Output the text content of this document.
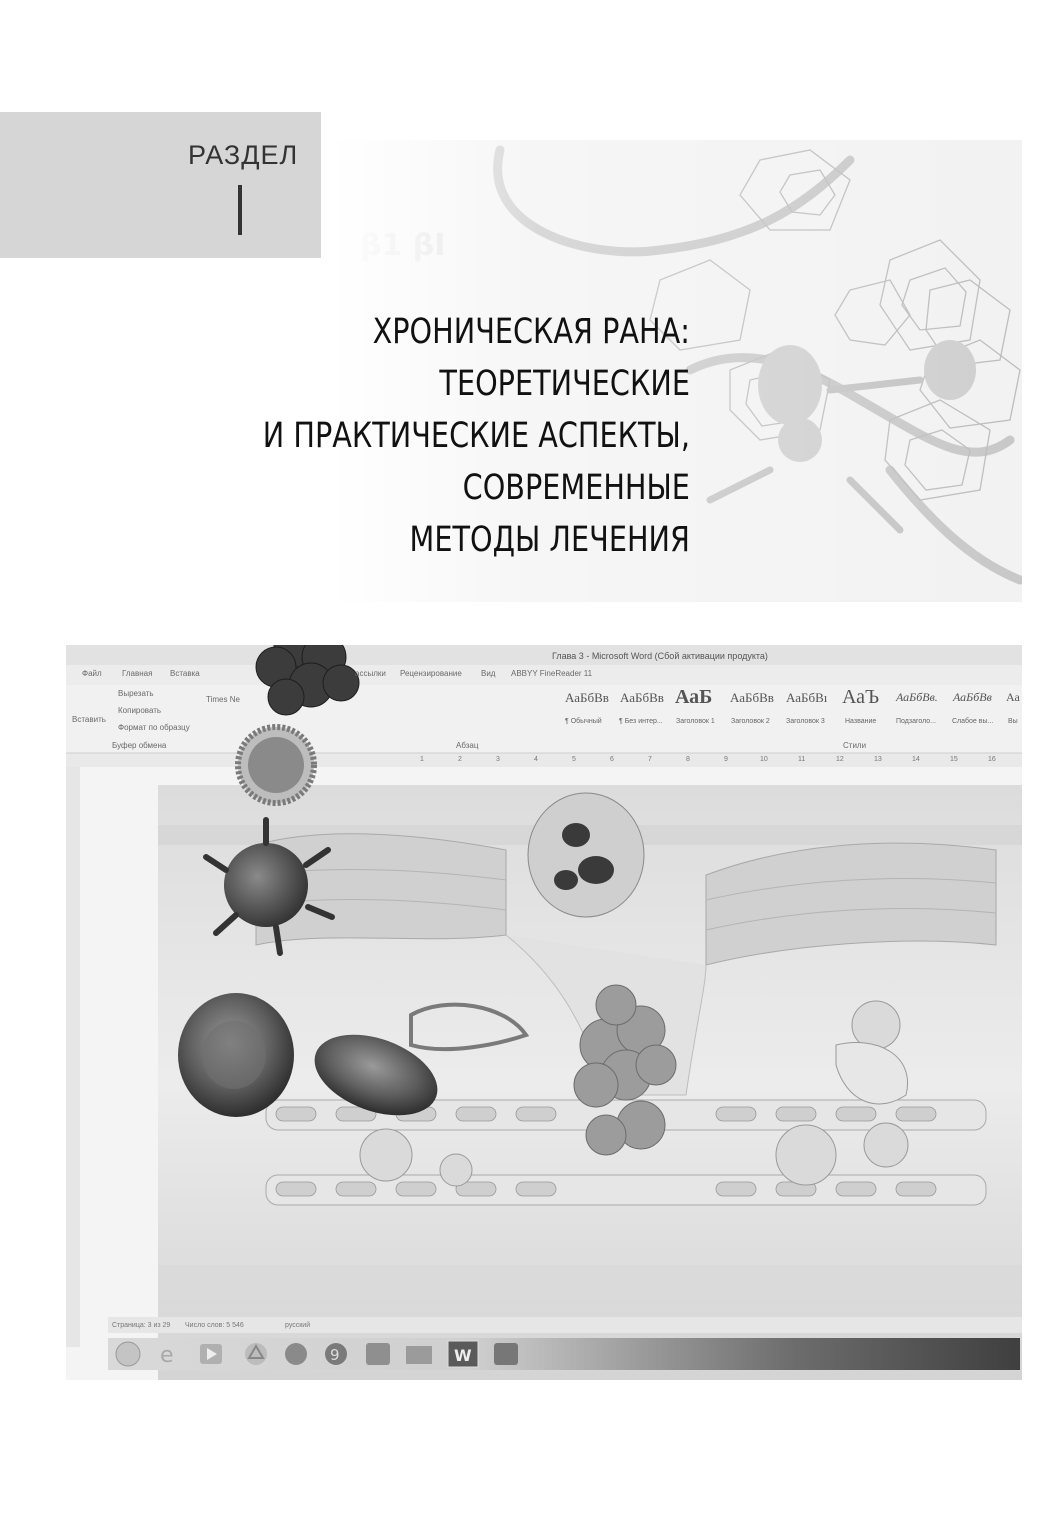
РАЗДЕЛ
ХРОНИЧЕСКАЯ РАНА:
ТЕОРЕТИЧЕСКИЕ
И ПРАКТИЧЕСКИЕ АСПЕКТЫ,
СОВРЕМЕННЫЕ
МЕТОДЫ ЛЕЧЕНИЯ
Глава 3 - Microsoft Word (Сбой активации продукта)
Файл	Главная Вставка	ассылки Рецензирование Вид ABBYY FineReader 11
Вставить
Вырезать
Копировать
Формат по образцу
Буфер обмена
Times Ne
Абзац	Стили
АаБбВв АаБбВв АаБ АаБбВв АаБбВı АаЪ АаБбВв. АаБбВв Аа
¶ Обычный ¶ Без интер... Заголовок 1 Заголовок 2 Заголовок 3	Название	Подзаголо... Слабое вы... Вы
1	2	3	4	5	6	7	8	9	10	11	12	13	14	15	16
Страница: 3 из 29 Число слов: 5 546	русский
e	9	W
